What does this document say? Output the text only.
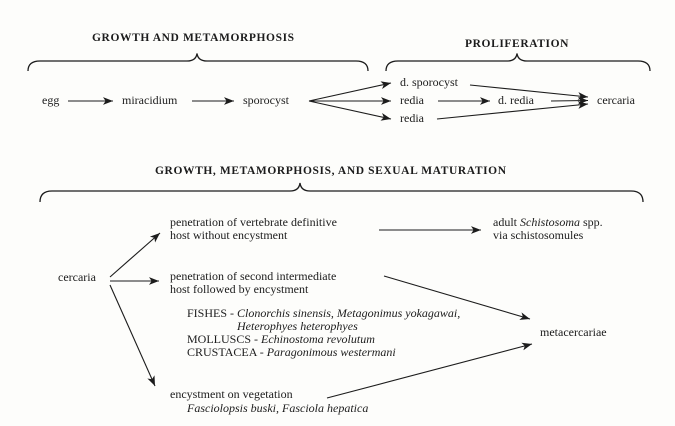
GROWTH AND METAMORPHOSIS	PROLIFERATION
egg	miracidium	sporocyst
d. sporocyst
redia
redia
d. redia	cercaria
GROWTH, METAMORPHOSIS, AND SEXUAL MATURATION
cercaria
penetration of vertebrate definitive
host without encystment
adult Schistosoma spp.
via schistosomules
penetration of second intermediate
host followed by encystment
FISHES - Clonorchis sinensis, Metagonimus yokagawai,
Heterophyes heterophyes
MOLLUSCS - Echinostoma revolutum
CRUSTACEA - Paragonimous westermani
encystment on vegetation
Fasciolopsis buski, Fasciola hepatica
metacercariae
